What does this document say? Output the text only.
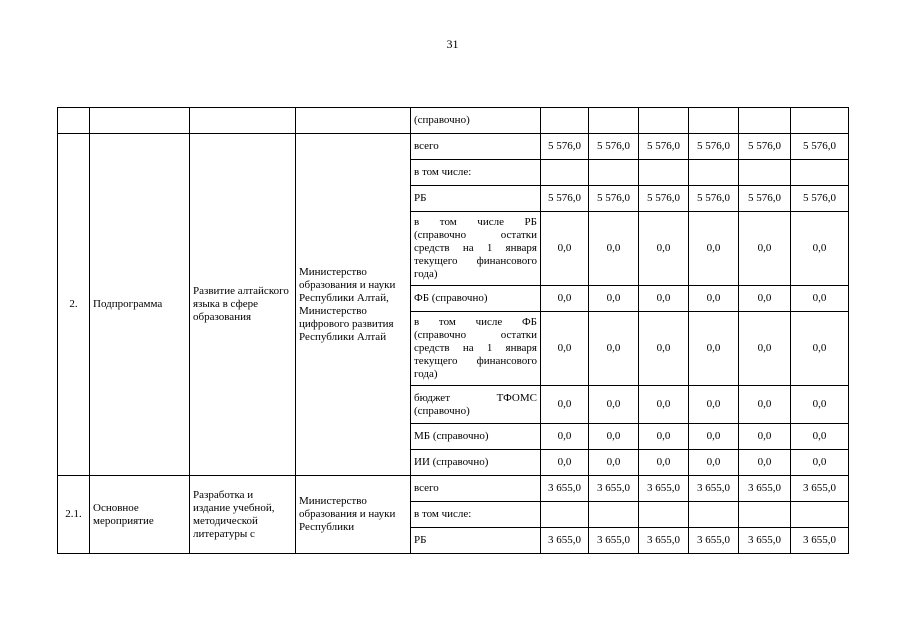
31
				(справочно)						
2.	Подпрограмма	Развитие алтайского языка в сфере образования	Министерство образования и науки Республики Алтай, Министерство цифрового развития Республики Алтай	всего	5 576,0	5 576,0	5 576,0	5 576,0	5 576,0	5 576,0
				в том числе:						
				РБ	5 576,0	5 576,0	5 576,0	5 576,0	5 576,0	5 576,0
				в том числе РБ (справочно остатки средств на 1 января текущего финансового года)	0,0	0,0	0,0	0,0	0,0	0,0
				ФБ (справочно)	0,0	0,0	0,0	0,0	0,0	0,0
				в том числе ФБ (справочно остатки средств на 1 января текущего финансового года)	0,0	0,0	0,0	0,0	0,0	0,0
				бюджет ТФОМС (справочно)	0,0	0,0	0,0	0,0	0,0	0,0
				МБ (справочно)	0,0	0,0	0,0	0,0	0,0	0,0
				ИИ (справочно)	0,0	0,0	0,0	0,0	0,0	0,0
2.1.	Основное мероприятие	Разработка и издание учебной, методической литературы с	Министерство образования и науки Республики	всего	3 655,0	3 655,0	3 655,0	3 655,0	3 655,0	3 655,0
				в том числе:						
				РБ	3 655,0	3 655,0	3 655,0	3 655,0	3 655,0	3 655,0
